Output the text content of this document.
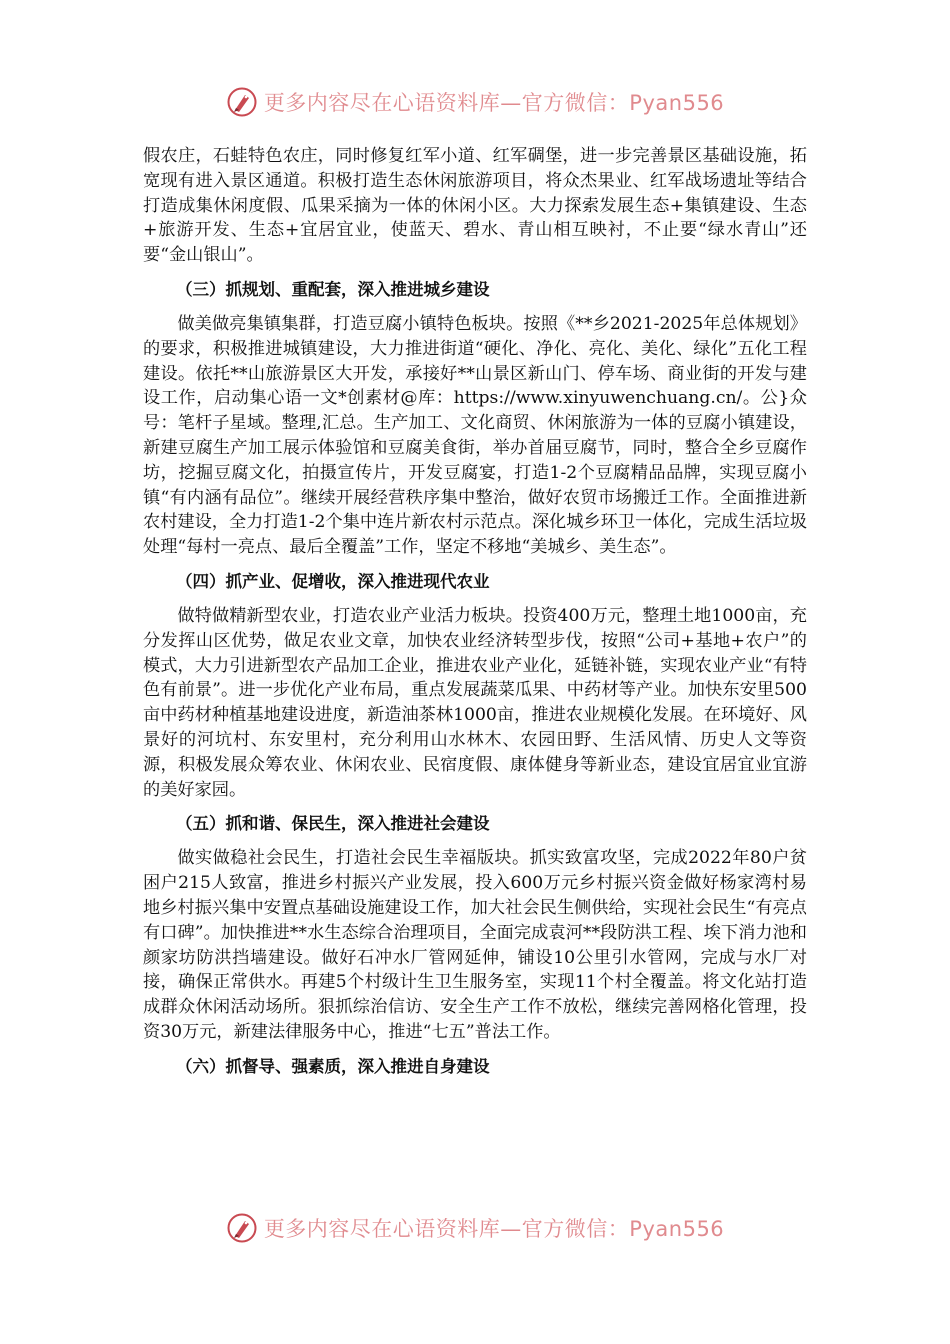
更多内容尽在心语资料库—官方微信：Pyan556

假农庄，石蛙特色农庄，同时修复红军小道、红军碉堡，进一步完善景区基础设施，拓宽现有进入景区通道。积极打造生态休闲旅游项目，将众杰果业、红军战场遗址等结合打造成集休闲度假、瓜果采摘为一体的休闲小区。大力探索发展生态+集镇建设、生态+旅游开发、生态+宜居宜业，使蓝天、碧水、青山相互映衬，不止要“绿水青山”还要“金山银山”。

（三）抓规划、重配套，深入推进城乡建设

做美做亮集镇集群，打造豆腐小镇特色板块。按照《**乡2021-2025年总体规划》的要求，积极推进城镇建设，大力推进街道“硬化、净化、亮化、美化、绿化”五化工程建设。依托**山旅游景区大开发，承接好**山景区新山门、停车场、商业街的开发与建设工作，启动集心语一文*创素材@库：https://www.xinyuwenchuang.cn/。公}众号：笔杆子星域。整理,汇总。生产加工、文化商贸、休闲旅游为一体的豆腐小镇建设，新建豆腐生产加工展示体验馆和豆腐美食街，举办首届豆腐节，同时，整合全乡豆腐作坊，挖掘豆腐文化，拍摄宣传片，开发豆腐宴，打造1-2个豆腐精品品牌，实现豆腐小镇“有内涵有品位”。继续开展经营秩序集中整治，做好农贸市场搬迁工作。全面推进新农村建设，全力打造1-2个集中连片新农村示范点。深化城乡环卫一体化，完成生活垃圾处理“每村一亮点、最后全覆盖”工作，坚定不移地“美城乡、美生态”。

（四）抓产业、促增收，深入推进现代农业

做特做精新型农业，打造农业产业活力板块。投资400万元，整理土地1000亩，充分发挥山区优势，做足农业文章，加快农业经济转型步伐，按照“公司+基地+农户”的模式，大力引进新型农产品加工企业，推进农业产业化，延链补链，实现农业产业“有特色有前景”。进一步优化产业布局，重点发展蔬菜瓜果、中药材等产业。加快东安里500亩中药材种植基地建设进度，新造油茶林1000亩，推进农业规模化发展。在环境好、风景好的河坑村、东安里村，充分利用山水林木、农园田野、生活风情、历史人文等资源，积极发展众筹农业、休闲农业、民宿度假、康体健身等新业态，建设宜居宜业宜游的美好家园。

（五）抓和谐、保民生，深入推进社会建设

做实做稳社会民生，打造社会民生幸福版块。抓实致富攻坚，完成2022年80户贫困户215人致富，推进乡村振兴产业发展，投入600万元乡村振兴资金做好杨家湾村易地乡村振兴集中安置点基础设施建设工作，加大社会民生侧供给，实现社会民生“有亮点有口碑”。加快推进**水生态综合治理项目，全面完成袁河**段防洪工程、埃下消力池和颜家坊防洪挡墙建设。做好石冲水厂管网延伸，铺设10公里引水管网，完成与水厂对接，确保正常供水。再建5个村级计生卫生服务室，实现11个村全覆盖。将文化站打造成群众休闲活动场所。狠抓综治信访、安全生产工作不放松，继续完善网格化管理，投资30万元，新建法律服务中心，推进“七五”普法工作。

（六）抓督导、强素质，深入推进自身建设
更多内容尽在心语资料库—官方微信：Pyan556
